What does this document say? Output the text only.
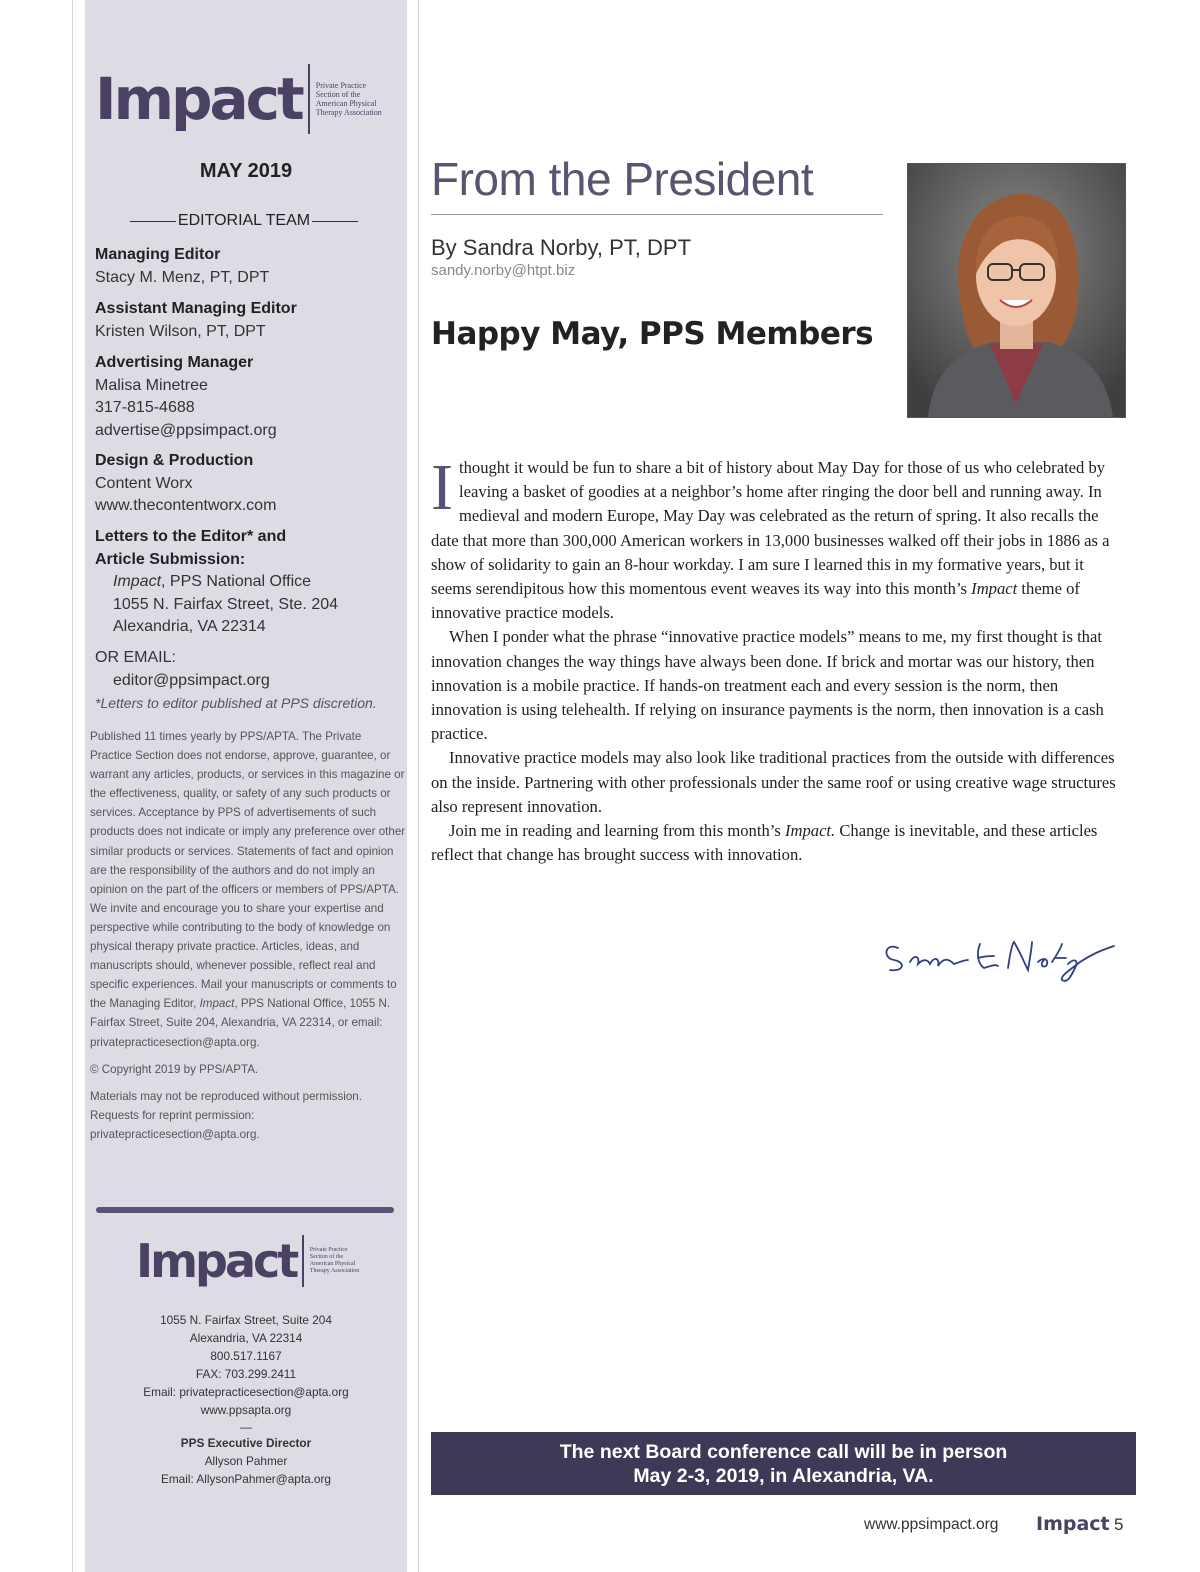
Impact Private Practice
Section of the
American Physical
Therapy Association
MAY 2019
EDITORIAL TEAM
Managing Editor
Stacy M. Menz, PT, DPT
Assistant Managing Editor
Kristen Wilson, PT, DPT
Advertising Manager
Malisa Minetree
317-815-4688
advertise@ppsimpact.org
Design & Production
Content Worx
www.thecontentworx.com
Letters to the Editor* and
Article Submission:
Impact, PPS National Office
1055 N. Fairfax Street, Ste. 204
Alexandria, VA 22314
OR EMAIL:
editor@ppsimpact.org
*Letters to editor published at PPS discretion.

Published 11 times yearly by PPS/APTA. The Private Practice Section does not endorse, approve, guarantee, or warrant any articles, products, or services in this magazine or the effectiveness, quality, or safety of any such products or services. Acceptance by PPS of advertisements of such products does not indicate or imply any preference over other similar products or services. Statements of fact and opinion are the responsibility of the authors and do not imply an opinion on the part of the officers or members of PPS/APTA. We invite and encourage you to share your expertise and perspective while contributing to the body of knowledge on physical therapy private practice. Articles, ideas, and manuscripts should, whenever possible, reflect real and specific experiences. Mail your manuscripts or comments to the Managing Editor, Impact, PPS National Office, 1055 N. Fairfax Street, Suite 204, Alexandria, VA 22314, or email: privatepracticesection@apta.org.

© Copyright 2019 by PPS/APTA.

Materials may not be reproduced without permission. Requests for reprint permission: privatepracticesection@apta.org.

Impact Private Practice
Section of the
American Physical
Therapy Association
1055 N. Fairfax Street, Suite 204
Alexandria, VA 22314
800.517.1167
FAX: 703.299.2411
Email: privatepracticesection@apta.org
www.ppsapta.org
—
PPS Executive Director
Allyson Pahmer
Email: AllysonPahmer@apta.org
From the President
By Sandra Norby, PT, DPT
sandy.norby@htpt.biz
Happy May, PPS Members

I thought it would be fun to share a bit of history about May Day for those of us who celebrated by leaving a basket of goodies at a neighbor’s home after ringing the door bell and running away. In medieval and modern Europe, May Day was celebrated as the return of spring. It also recalls the date that more than 300,000 American workers in 13,000 businesses walked off their jobs in 1886 as a show of solidarity to gain an 8-hour workday. I am sure I learned this in my formative years, but it seems serendipitous how this momentous event weaves its way into this month’s Impact theme of innovative practice models.

When I ponder what the phrase “innovative practice models” means to me, my first thought is that innovation changes the way things have always been done. If brick and mortar was our history, then innovation is a mobile practice. If hands-on treatment each and every session is the norm, then innovation is using telehealth. If relying on insurance payments is the norm, then innovation is a cash practice.

Innovative practice models may also look like traditional practices from the outside with differences on the inside. Partnering with other professionals under the same roof or using creative wage structures also represent innovation.

Join me in reading and learning from this month’s Impact. Change is inevitable, and these articles reflect that change has brought success with innovation.

The next Board conference call will be in person
May 2-3, 2019, in Alexandria, VA.
www.ppsimpact.org Impact 5
